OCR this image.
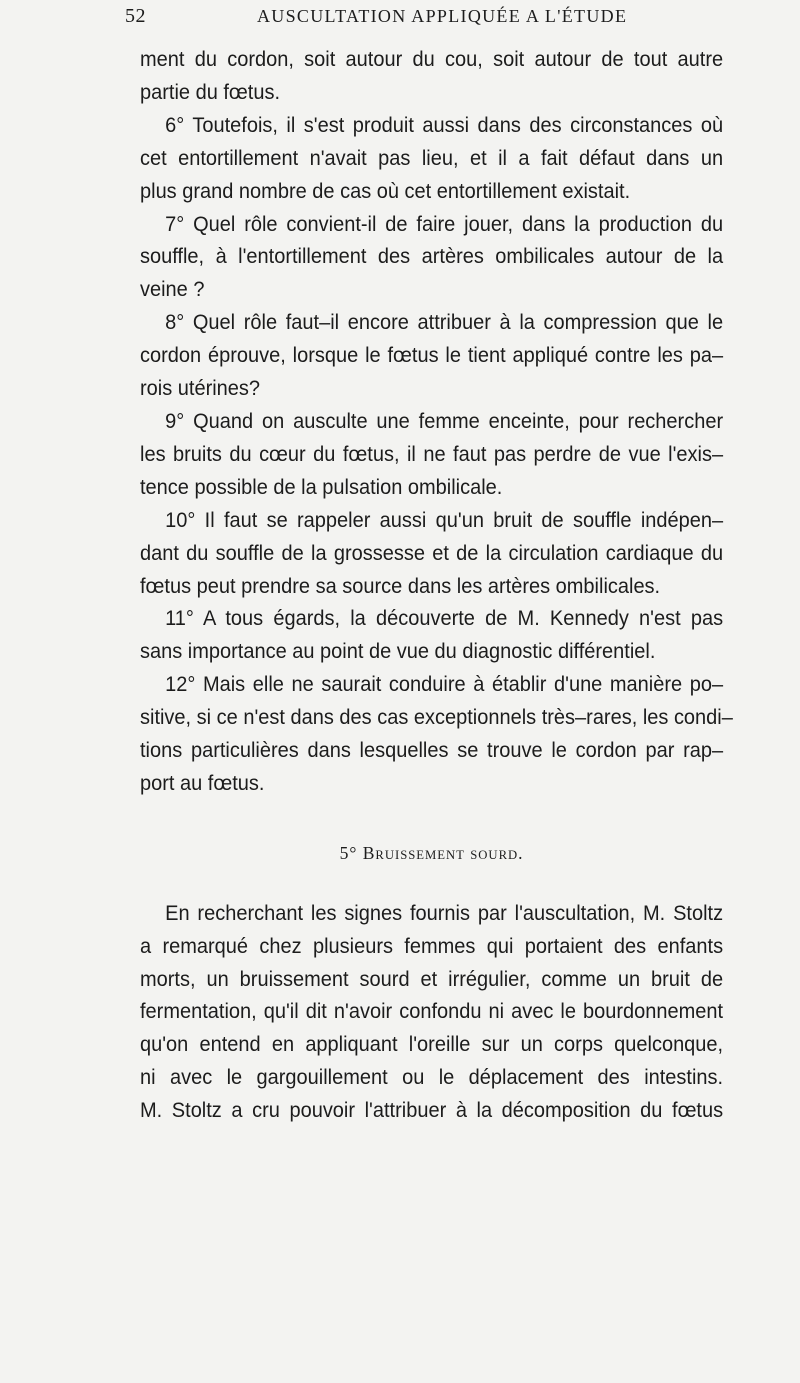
52	AUSCULTATION APPLIQUÉE A L'ÉTUDE

ment du cordon, soit autour du cou, soit autour de tout autre
partie du fœtus.

6° Toutefois, il s'est produit aussi dans des circonstances où
cet entortillement n'avait pas lieu, et il a fait défaut dans un
plus grand nombre de cas où cet entortillement existait.

7° Quel rôle convient-il de faire jouer, dans la production du
souffle, à l'entortillement des artères ombilicales autour de la
veine ?

8° Quel rôle faut–il encore attribuer à la compression que le
cordon éprouve, lorsque le fœtus le tient appliqué contre les pa–
rois utérines?

9° Quand on ausculte une femme enceinte, pour rechercher
les bruits du cœur du fœtus, il ne faut pas perdre de vue l'exis–
tence possible de la pulsation ombilicale.

10° Il faut se rappeler aussi qu'un bruit de souffle indépen–
dant du souffle de la grossesse et de la circulation cardiaque du
fœtus peut prendre sa source dans les artères ombilicales.

11° A tous égards, la découverte de M. Kennedy n'est pas
sans importance au point de vue du diagnostic différentiel.

12° Mais elle ne saurait conduire à établir d'une manière po–
sitive, si ce n'est dans des cas exceptionnels très–rares, les condi–
tions particulières dans lesquelles se trouve le cordon par rap–
port au fœtus.

5° Bruissement sourd.

En recherchant les signes fournis par l'auscultation, M. Stoltz
a remarqué chez plusieurs femmes qui portaient des enfants
morts, un bruissement sourd et irrégulier, comme un bruit de
fermentation, qu'il dit n'avoir confondu ni avec le bourdonnement
qu'on entend en appliquant l'oreille sur un corps quelconque,
ni avec le gargouillement ou le déplacement des intestins.
M. Stoltz a cru pouvoir l'attribuer à la décomposition du fœtus
